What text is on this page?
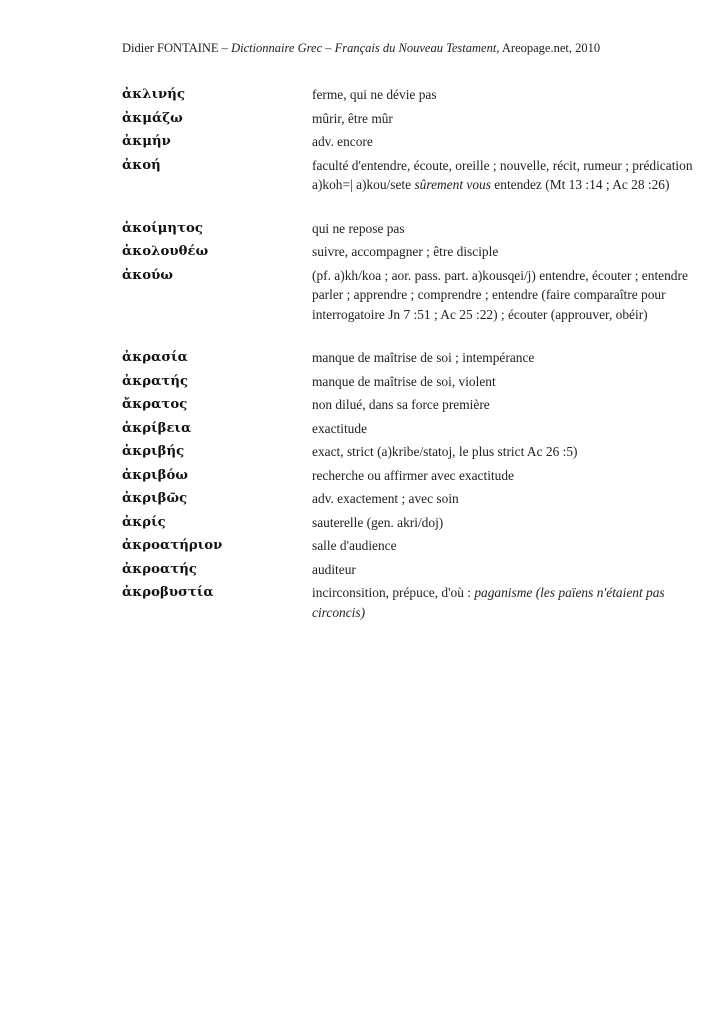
Didier FONTAINE – Dictionnaire Grec – Français du Nouveau Testament, Areopage.net, 2010
ἀκλινής	ferme, qui ne dévie pas
ἀκμάζω	mûrir, être mûr
ἀκμήν	adv. encore
ἀκοή	faculté d'entendre, écoute, oreille ; nouvelle, récit, rumeur ; prédication
a)koh=| a)kou/sete sûrement vous entendez (Mt 13 :14 ; Ac 28 :26)
ἀκοίμητος	qui ne repose pas
ἀκολουθέω	suivre, accompagner ; être disciple
ἀκούω	(pf. a)kh/koa ; aor. pass. part. a)kousqei/j) entendre, écouter ; entendre
parler ; apprendre ; comprendre ; entendre (faire comparaître pour
interrogatoire Jn 7 :51 ; Ac 25 :22) ; écouter (approuver, obéir)
ἀκρασία	manque de maîtrise de soi ; intempérance
ἀκρατής	manque de maîtrise de soi, violent
ἄκρατος	non dilué, dans sa force première
ἀκρίβεια	exactitude
ἀκριβής	exact, strict (a)kribe/statoj, le plus strict Ac 26 :5)
ἀκριβόω	recherche ou affirmer avec exactitude
ἀκριβῶς	adv. exactement ; avec soin
ἀκρίς	sauterelle (gen. akri/doj)
ἀκροατήριον	salle d'audience
ἀκροατής	auditeur
ἀκροβυστία	incirconsition, prépuce, d'où : paganisme (les païens n'étaient pas
circoncis)
